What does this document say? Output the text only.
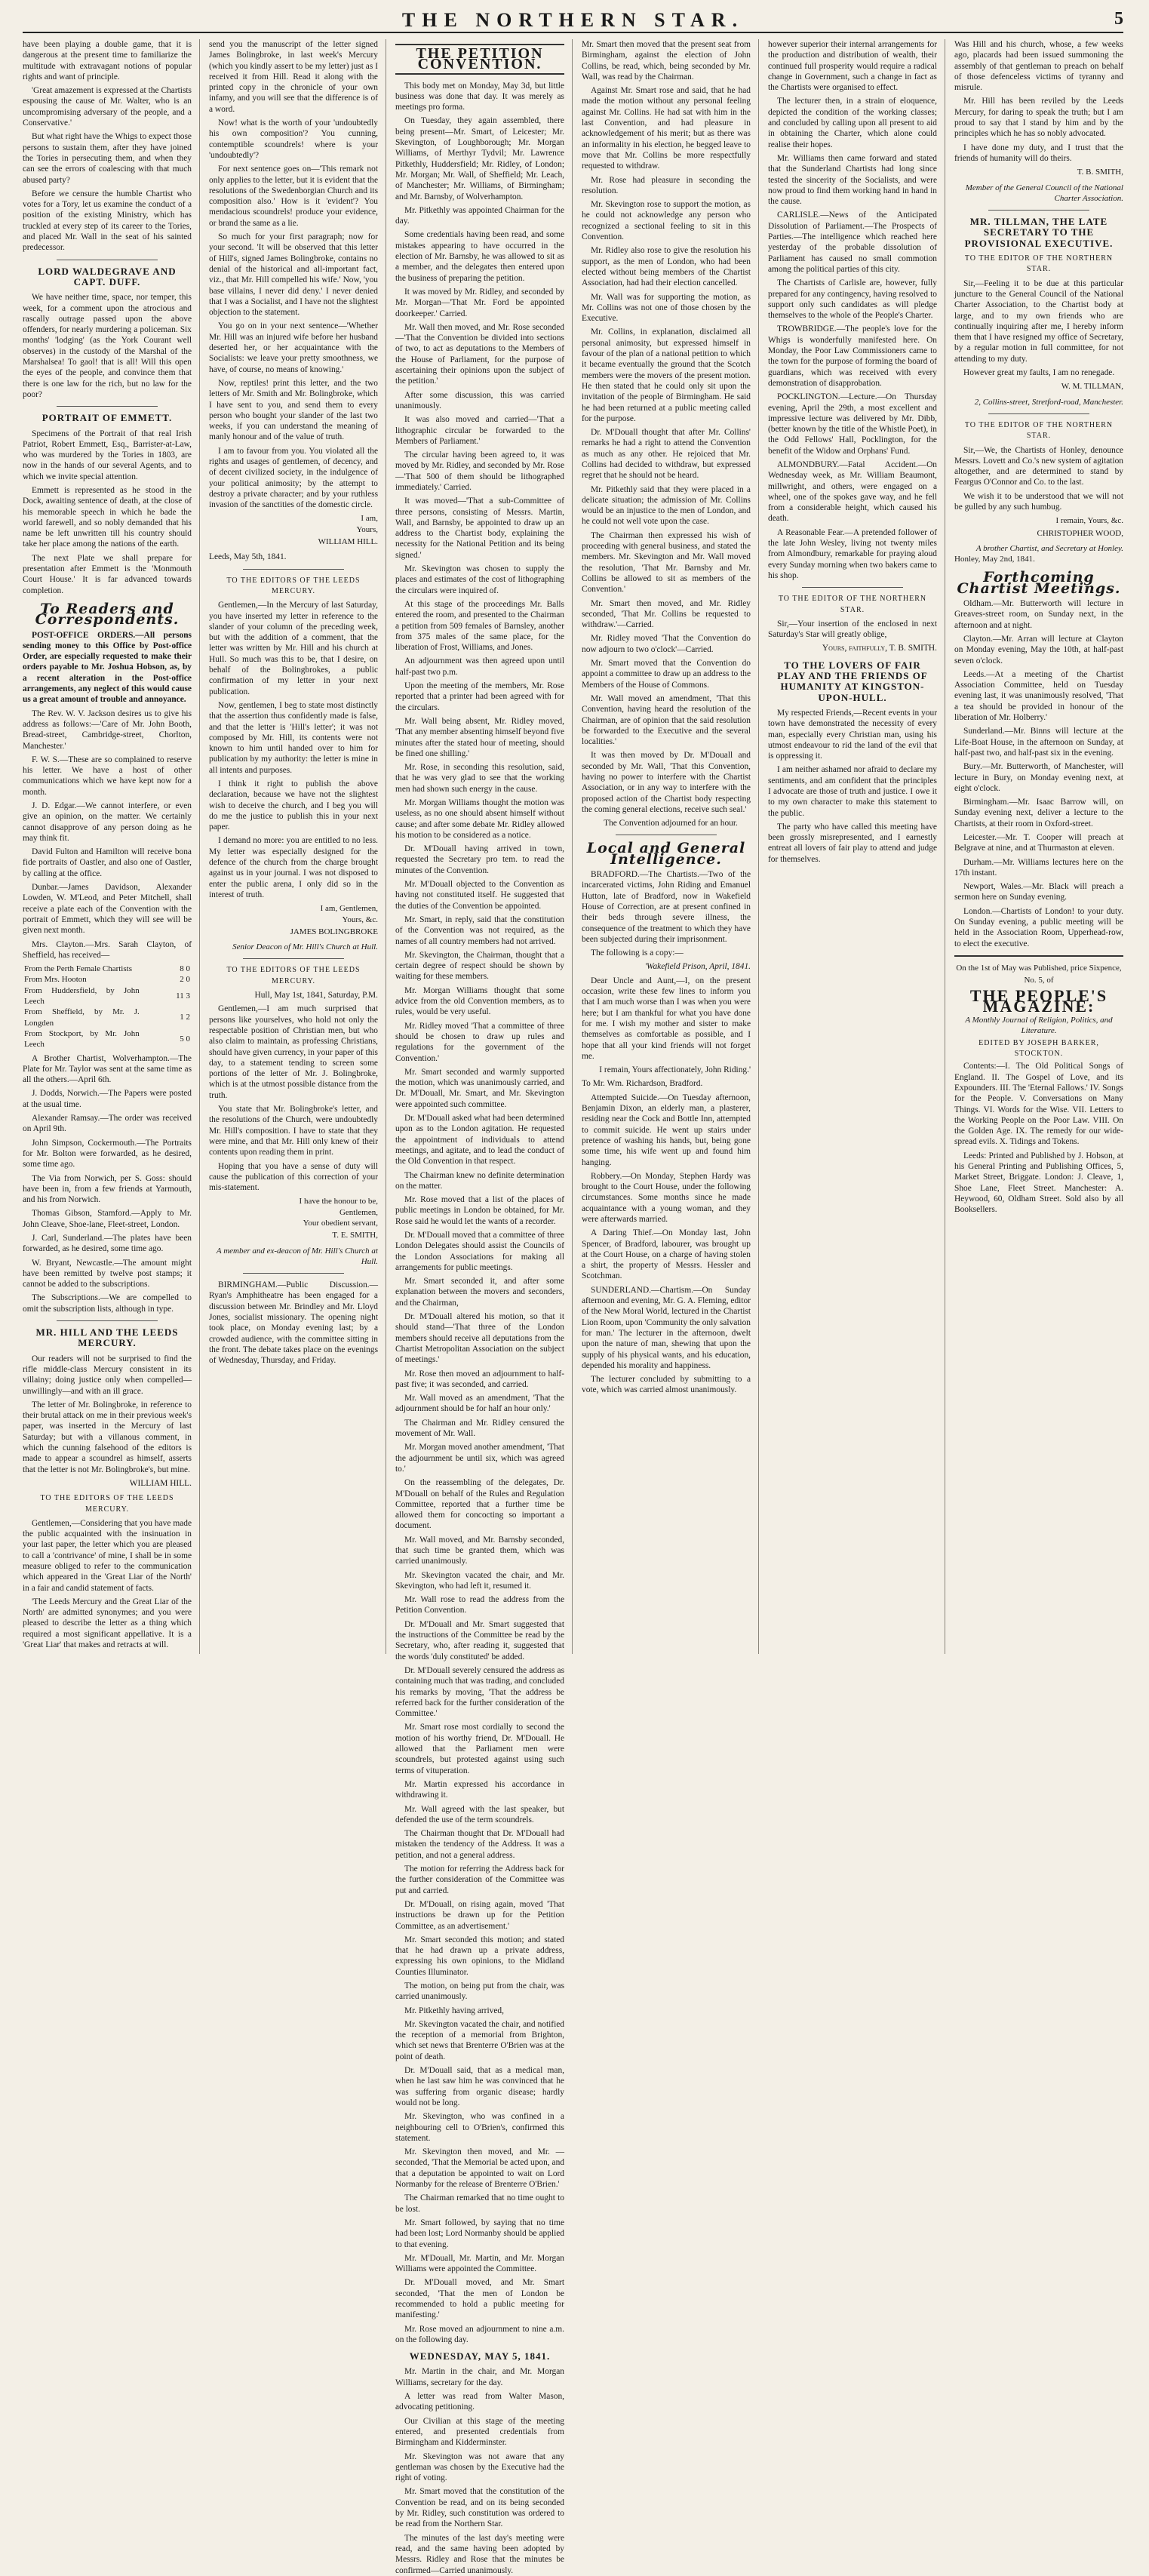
THE NORTHERN STAR.	5

have been playing a double game, that it is dangerous at the present time to familiarize the multitude with extravagant notions of popular rights and want of principle.

'Great amazement is expressed at the Chartists espousing the cause of Mr. Walter, who is an uncompromising adversary of the people, and a Conservative.'

But what right have the Whigs to expect those persons to sustain them, after they have joined the Tories in persecuting them, and when they can see the errors of coalescing with that much abused party?

Before we censure the humble Chartist who votes for a Tory, let us examine the conduct of a position of the existing Ministry, which has truckled at every step of its career to the Tories, and placed Mr. Wall in the seat of his sainted predecessor.

LORD WALDEGRAVE AND CAPT. DUFF.

We have neither time, space, nor temper, this week, for a comment upon the atrocious and rascally outrage passed upon the above offenders, for nearly murdering a policeman. Six months' 'lodging' (as the York Courant well observes) in the custody of the Marshal of the Marshalsea! To gaol! that is all! Will this open the eyes of the people, and convince them that there is one law for the rich, but no law for the poor?

PORTRAIT OF EMMETT.

Specimens of the Portrait of that real Irish Patriot, Robert Emmett, Esq., Barrister-at-Law, who was murdered by the Tories in 1803, are now in the hands of our several Agents, and to which we invite special attention.

Emmett is represented as he stood in the Dock, awaiting sentence of death, at the close of his memorable speech in which he bade the world farewell, and so nobly demanded that his name be left unwritten till his country should take her place among the nations of the earth.

The next Plate we shall prepare for presentation after Emmett is the 'Monmouth Court House.' It is far advanced towards completion.

To Readers and Correspondents.

POST-OFFICE ORDERS.—All persons sending money to this Office by Post-office Order, are especially requested to make their orders payable to Mr. Joshua Hobson, as, by a recent alteration in the Post-office arrangements, any neglect of this would cause us a great amount of trouble and annoyance.

The Rev. W. V. Jackson desires us to give his address as follows:—'Care of Mr. John Booth, Bread-street, Cambridge-street, Chorlton, Manchester.'

F. W. S.—These are so complained to reserve his letter. We have a host of other communications which we have kept now for a month.

J. D. Edgar.—We cannot interfere, or even give an opinion, on the matter. We certainly cannot disapprove of any person doing as he may think fit.

David Fulton and Hamilton will receive bona fide portraits of Oastler, and also one of Oastler, by calling at the office.

Dunbar.—James Davidson, Alexander Lowden, W. M'Leod, and Peter Mitchell, shall receive a plate each of the Convention with the portrait of Emmett, which they will see will be given next month.

Mrs. Clayton.—Mrs. Sarah Clayton, of Sheffield, has received—

From the Perth Female Chartists	8 0
From Mrs. Hooton	2 0
From Huddersfield, by John Leech	11 3
From Sheffield, by Mr. J. Longden	1 2
From Stockport, by Mr. John Leech	5 0

A Brother Chartist, Wolverhampton.—The Plate for Mr. Taylor was sent at the same time as all the others.—April 6th.

J. Dodds, Norwich.—The Papers were posted at the usual time.

Alexander Ramsay.—The order was received on April 9th.

John Simpson, Cockermouth.—The Portraits for Mr. Bolton were forwarded, as he desired, some time ago.

The Via from Norwich, per S. Goss: should have been in, from a few friends at Yarmouth, and his from Norwich.

Thomas Gibson, Stamford.—Apply to Mr. John Cleave, Shoe-lane, Fleet-street, London.

J. Carl, Sunderland.—The plates have been forwarded, as he desired, some time ago.

W. Bryant, Newcastle.—The amount might have been remitted by twelve post stamps; it cannot be added to the subscriptions.

The Subscriptions.—We are compelled to omit the subscription lists, although in type.

MR. HILL AND THE LEEDS MERCURY.

Our readers will not be surprised to find the rifle middle-class Mercury consistent in its villainy; doing justice only when compelled—unwillingly—and with an ill grace.

The letter of Mr. Bolingbroke, in reference to their brutal attack on me in their previous week's paper, was inserted in the Mercury of last Saturday; but with a villanous comment, in which the cunning falsehood of the editors is made to appear a scoundrel as himself, asserts that the letter is not Mr. Bolingbroke's, but mine.

WILLIAM HILL.
TO THE EDITORS OF THE LEEDS MERCURY.

Gentlemen,—Considering that you have made the public acquainted with the insinuation in your last paper, the letter which you are pleased to call a 'contrivance' of mine, I shall be in some measure obliged to refer to the communication which appeared in the 'Great Liar of the North' in a fair and candid statement of facts.

'The Leeds Mercury and the Great Liar of the North' are admitted synonymes; and you were pleased to describe the letter as a thing which required a most significant appellative. It is a 'Great Liar' that makes and retracts at will.

send you the manuscript of the letter signed James Bolingbroke, in last week's Mercury (which you kindly assert to be my letter) just as I received it from Hill. Read it along with the printed copy in the chronicle of your own infamy, and you will see that the difference is of a word.

Now! what is the worth of your 'undoubtedly his own composition'? You cunning, contemptible scoundrels! where is your 'undoubtedly'?

For next sentence goes on—'This remark not only applies to the letter, but it is evident that the resolutions of the Swedenborgian Church and its composition also.' How is it 'evident'? You mendacious scoundrels! produce your evidence, or brand the same as a lie.

So much for your first paragraph; now for your second. 'It will be observed that this letter of Hill's, signed James Bolingbroke, contains no denial of the historical and all-important fact, viz., that Mr. Hill compelled his wife.' Now, 'you base villains, I never did deny.' I never denied that I was a Socialist, and I have not the slightest objection to the statement.

You go on in your next sentence—'Whether Mr. Hill was an injured wife before her husband deserted her, or her acquaintance with the Socialists: we leave your pretty smoothness, we have, of course, no means of knowing.'

Now, reptiles! print this letter, and the two letters of Mr. Smith and Mr. Bolingbroke, which I have sent to you, and send them to every person who bought your slander of the last two weeks, if you can understand the meaning of manly honour and of the value of truth.

I am to favour from you. You violated all the rights and usages of gentlemen, of decency, and of decent civilized society, in the indulgence of your political animosity; by the attempt to destroy a private character; and by your ruthless invasion of the sanctities of the domestic circle.

I am,
Yours,
WILLIAM HILL.

Leeds, May 5th, 1841.

TO THE EDITORS OF THE LEEDS MERCURY.

Gentlemen,—In the Mercury of last Saturday, you have inserted my letter in reference to the slander of your column of the preceding week, but with the addition of a comment, that the letter was written by Mr. Hill and his church at Hull. So much was this to be, that I desire, on behalf of the Bolingbrokes, a public confirmation of my letter in your next publication.

Now, gentlemen, I beg to state most distinctly that the assertion thus confidently made is false, and that the letter is 'Hill's letter'; it was not composed by Mr. Hill, its contents were not known to him until handed over to him for publication by my authority: the letter is mine in all intents and purposes.

I think it right to publish the above declaration, because we have not the slightest wish to deceive the church, and I beg you will do me the justice to publish this in your next paper.

I demand no more: you are entitled to no less. My letter was especially designed for the defence of the church from the charge brought against us in your journal. I was not disposed to enter the public arena, I only did so in the interest of truth.

I am, Gentlemen,
Yours, &c.
JAMES BOLINGBROKE
Senior Deacon of Mr. Hill's Church at Hull.
TO THE EDITORS OF THE LEEDS MERCURY.

Hull, May 1st, 1841, Saturday, P.M.

Gentlemen,—I am much surprised that persons like yourselves, who hold not only the respectable position of Christian men, but who also claim to maintain, as professing Christians, should have given currency, in your paper of this day, to a statement tending to screen some portions of the letter of Mr. J. Bolingbroke, which is at the utmost possible distance from the truth.

You state that Mr. Bolingbroke's letter, and the resolutions of the Church, were undoubtedly Mr. Hill's composition. I have to state that they were mine, and that Mr. Hill only knew of their contents upon reading them in print.

Hoping that you have a sense of duty will cause the publication of this correction of your mis-statement.

I have the honour to be,
Gentlemen,
Your obedient servant,
T. E. SMITH,
A member and ex-deacon of Mr. Hill's Church at Hull.

BIRMINGHAM.—Public Discussion.—Ryan's Amphitheatre has been engaged for a discussion between Mr. Brindley and Mr. Lloyd Jones, socialist missionary. The opening night took place, on Monday evening last; by a crowded audience, with the committee sitting in the front. The debate takes place on the evenings of Wednesday, Thursday, and Friday.

THE PETITION CONVENTION.

This body met on Monday, May 3d, but little business was done that day. It was merely as meetings pro forma.

On Tuesday, they again assembled, there being present—Mr. Smart, of Leicester; Mr. Skevington, of Loughborough; Mr. Morgan Williams, of Merthyr Tydvil; Mr. Lawrence Pitkethly, Huddersfield; Mr. Ridley, of London; Mr. Morgan; Mr. Wall, of Sheffield; Mr. Leach, of Manchester; Mr. Williams, of Birmingham; and Mr. Barnsby, of Wolverhampton.

Mr. Pitkethly was appointed Chairman for the day.

Some credentials having been read, and some mistakes appearing to have occurred in the election of Mr. Barnsby, he was allowed to sit as a member, and the delegates then entered upon the business of preparing the petition.

It was moved by Mr. Ridley, and seconded by Mr. Morgan—'That Mr. Ford be appointed doorkeeper.' Carried.

Mr. Wall then moved, and Mr. Rose seconded—'That the Convention be divided into sections of two, to act as deputations to the Members of the House of Parliament, for the purpose of ascertaining their opinions upon the subject of the petition.'

After some discussion, this was carried unanimously.

It was also moved and carried—'That a lithographic circular be forwarded to the Members of Parliament.'

The circular having been agreed to, it was moved by Mr. Ridley, and seconded by Mr. Rose—'That 500 of them should be lithographed immediately.' Carried.

It was moved—'That a sub-Committee of three persons, consisting of Messrs. Martin, Wall, and Barnsby, be appointed to draw up an address to the Chartist body, explaining the necessity for the National Petition and its being signed.'

Mr. Skevington was chosen to supply the places and estimates of the cost of lithographing the circulars were inquired of.

At this stage of the proceedings Mr. Balls entered the room, and presented to the Chairman a petition from 509 females of Barnsley, another from 375 males of the same place, for the liberation of Frost, Williams, and Jones.

An adjournment was then agreed upon until half-past two p.m.

Upon the meeting of the members, Mr. Rose reported that a printer had been agreed with for the circulars.

Mr. Wall being absent, Mr. Ridley moved, 'That any member absenting himself beyond five minutes after the stated hour of meeting, should be fined one shilling.'

Mr. Rose, in seconding this resolution, said, that he was very glad to see that the working men had shown such energy in the cause.

Mr. Morgan Williams thought the motion was useless, as no one should absent himself without cause; and after some debate Mr. Ridley allowed his motion to be considered as a notice.

Dr. M'Douall having arrived in town, requested the Secretary pro tem. to read the minutes of the Convention.

Mr. M'Douall objected to the Convention as having not constituted itself. He suggested that the duties of the Convention be appointed.

Mr. Smart, in reply, said that the constitution of the Convention was not required, as the names of all country members had not arrived.

Mr. Skevington, the Chairman, thought that a certain degree of respect should be shown by waiting for these members.

Mr. Morgan Williams thought that some advice from the old Convention members, as to rules, would be very useful.

Mr. Ridley moved 'That a committee of three should be chosen to draw up rules and regulations for the government of the Convention.'

Mr. Smart seconded and warmly supported the motion, which was unanimously carried, and Dr. M'Douall, Mr. Smart, and Mr. Skevington were appointed such committee.

Dr. M'Douall asked what had been determined upon as to the London agitation. He requested the appointment of individuals to attend meetings, and agitate, and to lead the conduct of the Old Convention in that respect.

The Chairman knew no definite determination on the matter.

Mr. Rose moved that a list of the places of public meetings in London be obtained, for Mr. Rose said he would let the wants of a recorder.

Dr. M'Douall moved that a committee of three London Delegates should assist the Councils of the London Associations for making all arrangements for public meetings.

Mr. Smart seconded it, and after some explanation between the movers and seconders, and the Chairman,

Dr. M'Douall altered his motion, so that it should stand—'That three of the London members should receive all deputations from the Chartist Metropolitan Association on the subject of meetings.'

Mr. Rose then moved an adjournment to half-past five; it was seconded, and carried.

Mr. Wall moved as an amendment, 'That the adjournment should be for half an hour only.'

The Chairman and Mr. Ridley censured the movement of Mr. Wall.

Mr. Morgan moved another amendment, 'That the adjournment be until six, which was agreed to.'

On the reassembling of the delegates, Dr. M'Douall on behalf of the Rules and Regulation Committee, reported that a further time be allowed them for concocting so important a document.

Mr. Wall moved, and Mr. Barnsby seconded, that such time be granted them, which was carried unanimously.

Mr. Skevington vacated the chair, and Mr. Skevington, who had left it, resumed it.

Mr. Wall rose to read the address from the Petition Convention.

Dr. M'Douall and Mr. Smart suggested that the instructions of the Committee be read by the Secretary, who, after reading it, suggested that the words 'duly constituted' be added.

Dr. M'Douall severely censured the address as containing much that was trading, and concluded his remarks by moving, 'That the address be referred back for the further consideration of the Committee.'

Mr. Smart rose most cordially to second the motion of his worthy friend, Dr. M'Douall. He allowed that the Parliament men were scoundrels, but protested against using such terms of vituperation.

Mr. Martin expressed his accordance in withdrawing it.

Mr. Wall agreed with the last speaker, but defended the use of the term scoundrels.

The Chairman thought that Dr. M'Douall had mistaken the tendency of the Address. It was a petition, and not a general address.

The motion for referring the Address back for the further consideration of the Committee was put and carried.

Dr. M'Douall, on rising again, moved 'That instructions be drawn up for the Petition Committee, as an advertisement.'

Mr. Smart seconded this motion; and stated that he had drawn up a private address, expressing his own opinions, to the Midland Counties Illuminator.

The motion, on being put from the chair, was carried unanimously.

Mr. Pitkethly having arrived,

Mr. Skevington vacated the chair, and notified the reception of a memorial from Brighton, which set news that Brenterre O'Brien was at the point of death.

Dr. M'Douall said, that as a medical man, when he last saw him he was convinced that he was suffering from organic disease; hardly would not be long.

Mr. Skevington, who was confined in a neighbouring cell to O'Brien's, confirmed this statement.

Mr. Skevington then moved, and Mr. — seconded, 'That the Memorial be acted upon, and that a deputation be appointed to wait on Lord Normanby for the release of Brenterre O'Brien.'

The Chairman remarked that no time ought to be lost.

Mr. Smart followed, by saying that no time had been lost; Lord Normanby should be applied to that evening.

Mr. M'Douall, Mr. Martin, and Mr. Morgan Williams were appointed the Committee.

Dr. M'Douall moved, and Mr. Smart seconded, 'That the men of London be recommended to hold a public meeting for manifesting.'

Mr. Rose moved an adjournment to nine a.m. on the following day.

WEDNESDAY, MAY 5, 1841.

Mr. Martin in the chair, and Mr. Morgan Williams, secretary for the day.

A letter was read from Walter Mason, advocating petitioning.

Our Civilian at this stage of the meeting entered, and presented credentials from Birmingham and Kidderminster.

Mr. Skevington was not aware that any gentleman was chosen by the Executive had the right of voting.

Mr. Smart moved that the constitution of the Convention be read, and on its being seconded by Mr. Ridley, such constitution was ordered to be read from the Northern Star.

The minutes of the last day's meeting were read, and the same having been adopted by Messrs. Ridley and Rose that the minutes be confirmed—Carried unanimously.

Mr. Smart then moved that the present seat from Birmingham, against the election of John Collins, be read, which, being seconded by Mr. Wall, was read by the Chairman.

Against Mr. Smart rose and said, that he had made the motion without any personal feeling against Mr. Collins. He had sat with him in the last Convention, and had pleasure in acknowledgement of his merit; but as there was an informality in his election, he begged leave to move that Mr. Collins be more respectfully requested to withdraw.

Mr. Rose had pleasure in seconding the resolution.

Mr. Skevington rose to support the motion, as he could not acknowledge any person who recognized a sectional feeling to sit in this Convention.

Mr. Ridley also rose to give the resolution his support, as the men of London, who had been elected without being members of the Chartist Association, had had their election cancelled.

Mr. Wall was for supporting the motion, as Mr. Collins was not one of those chosen by the Executive.

Mr. Collins, in explanation, disclaimed all personal animosity, but expressed himself in favour of the plan of a national petition to which it became eventually the ground that the Scotch members were the movers of the present motion. He then stated that he could only sit upon the invitation of the people of Birmingham. He said he had been returned at a public meeting called for the purpose.

Dr. M'Douall thought that after Mr. Collins' remarks he had a right to attend the Convention as much as any other. He rejoiced that Mr. Collins had decided to withdraw, but expressed regret that he should not be heard.

Mr. Pitkethly said that they were placed in a delicate situation; the admission of Mr. Collins would be an injustice to the men of London, and he could not well vote upon the case.

The Chairman then expressed his wish of proceeding with general business, and stated the members. Mr. Skevington and Mr. Wall moved the resolution, 'That Mr. Barnsby and Mr. Collins be allowed to sit as members of the Convention.'

Mr. Smart then moved, and Mr. Ridley seconded, 'That Mr. Collins be requested to withdraw.'—Carried.

Mr. Ridley moved 'That the Convention do now adjourn to two o'clock'—Carried.

Mr. Smart moved that the Convention do appoint a committee to draw up an address to the Members of the House of Commons.

Mr. Wall moved an amendment, 'That this Convention, having heard the resolution of the Chairman, are of opinion that the said resolution be forwarded to the Executive and the several localities.'

It was then moved by Dr. M'Douall and seconded by Mr. Wall, 'That this Convention, having no power to interfere with the Chartist Association, or in any way to interfere with the proposed action of the Chartist body respecting the coming general elections, receive such seal.'

The Convention adjourned for an hour.

Local and General Intelligence.

BRADFORD.—The Chartists.—Two of the incarcerated victims, John Riding and Emanuel Hutton, late of Bradford, now in Wakefield House of Correction, are at present confined in their beds through severe illness, the consequence of the treatment to which they have been subjected during their imprisonment.

The following is a copy:—

'Wakefield Prison, April, 1841.

Dear Uncle and Aunt,—I, on the present occasion, write these few lines to inform you that I am much worse than I was when you were here; but I am thankful for what you have done for me. I wish my mother and sister to make themselves as comfortable as possible, and I hope that all your kind friends will not forget me.

I remain, Yours affectionately, John Riding.'

To Mr. Wm. Richardson, Bradford.

Attempted Suicide.—On Tuesday afternoon, Benjamin Dixon, an elderly man, a plasterer, residing near the Cock and Bottle Inn, attempted to commit suicide. He went up stairs under pretence of washing his hands, but, being gone some time, his wife went up and found him hanging.

Robbery.—On Monday, Stephen Hardy was brought to the Court House, under the following circumstances. Some months since he made acquaintance with a young woman, and they were afterwards married.

A Daring Thief.—On Monday last, John Spencer, of Bradford, labourer, was brought up at the Court House, on a charge of having stolen a shirt, the property of Messrs. Hessler and Scotchman.

SUNDERLAND.—Chartism.—On Sunday afternoon and evening, Mr. G. A. Fleming, editor of the New Moral World, lectured in the Chartist Lion Room, upon 'Community the only salvation for man.' The lecturer in the afternoon, dwelt upon the nature of man, shewing that upon the supply of his physical wants, and his education, depended his morality and happiness.

The lecturer concluded by submitting to a vote, which was carried almost unanimously.

however superior their internal arrangements for the production and distribution of wealth, their continued full prosperity would require a radical change in Government, such a change in fact as the Chartists were organised to effect.

The lecturer then, in a strain of eloquence, depicted the condition of the working classes; and concluded by calling upon all present to aid in obtaining the Charter, which alone could realise their hopes.

Mr. Williams then came forward and stated that the Sunderland Chartists had long since tested the sincerity of the Socialists, and were now proud to find them working hand in hand in the cause.

CARLISLE.—News of the Anticipated Dissolution of Parliament.—The Prospects of Parties.—The intelligence which reached here yesterday of the probable dissolution of Parliament has caused no small commotion among the political parties of this city.

The Chartists of Carlisle are, however, fully prepared for any contingency, having resolved to support only such candidates as will pledge themselves to the whole of the People's Charter.

TROWBRIDGE.—The people's love for the Whigs is wonderfully manifested here. On Monday, the Poor Law Commissioners came to the town for the purpose of forming the board of guardians, which was received with every demonstration of disapprobation.

POCKLINGTON.—Lecture.—On Thursday evening, April the 29th, a most excellent and impressive lecture was delivered by Mr. Dibb, (better known by the title of the Whistle Poet), in the Odd Fellows' Hall, Pocklington, for the benefit of the Widow and Orphans' Fund.

ALMONDBURY.—Fatal Accident.—On Wednesday week, as Mr. William Beaumont, millwright, and others, were engaged on a wheel, one of the spokes gave way, and he fell from a considerable height, which caused his death.

A Reasonable Fear.—A pretended follower of the late John Wesley, living not twenty miles from Almondbury, remarkable for praying aloud every Sunday morning when two bakers came to his shop.

TO THE EDITOR OF THE NORTHERN STAR.

Sir,—Your insertion of the enclosed in next Saturday's Star will greatly oblige,

Yours, faithfully, T. B. SMITH.
TO THE LOVERS OF FAIR PLAY AND THE FRIENDS OF HUMANITY AT KINGSTON-UPON-HULL.

My respected Friends,—Recent events in your town have demonstrated the necessity of every man, especially every Christian man, using his utmost endeavour to rid the land of the evil that is oppressing it.

I am neither ashamed nor afraid to declare my sentiments, and am confident that the principles I advocate are those of truth and justice. I owe it to my own character to make this statement to the public.

The party who have called this meeting have been grossly misrepresented, and I earnestly entreat all lovers of fair play to attend and judge for themselves.

Was Hill and his church, whose, a few weeks ago, placards had been issued summoning the assembly of that gentleman to preach on behalf of those defenceless victims of tyranny and misrule.

Mr. Hill has been reviled by the Leeds Mercury, for daring to speak the truth; but I am proud to say that I stand by him and by the principles which he has so nobly advocated.

I have done my duty, and I trust that the friends of humanity will do theirs.

T. B. SMITH,
Member of the General Council of the National Charter Association.
MR. TILLMAN, THE LATE SECRETARY TO THE PROVISIONAL EXECUTIVE.
TO THE EDITOR OF THE NORTHERN STAR.

Sir,—Feeling it to be due at this particular juncture to the General Council of the National Charter Association, to the Chartist body at large, and to my own friends who are continually inquiring after me, I hereby inform them that I have resigned my office of Secretary, by a regular motion in full committee, for not attending to my duty.

However great my faults, I am no renegade.

W. M. TILLMAN,
2, Collins-street, Stretford-road, Manchester.
TO THE EDITOR OF THE NORTHERN STAR.

Sir,—We, the Chartists of Honley, denounce Messrs. Lovett and Co.'s new system of agitation altogether, and are determined to stand by Feargus O'Connor and Co. to the last.

We wish it to be understood that we will not be gulled by any such humbug.

I remain, Yours, &c.
CHRISTOPHER WOOD,
A brother Chartist, and Secretary at Honley.
Honley, May 2nd, 1841.
Forthcoming Chartist Meetings.

Oldham.—Mr. Butterworth will lecture in Greaves-street room, on Sunday next, in the afternoon and at night.

Clayton.—Mr. Arran will lecture at Clayton on Monday evening, May the 10th, at half-past seven o'clock.

Leeds.—At a meeting of the Chartist Association Committee, held on Tuesday evening last, it was unanimously resolved, 'That a tea should be provided in honour of the liberation of Mr. Holberry.'

Sunderland.—Mr. Binns will lecture at the Life-Boat House, in the afternoon on Sunday, at half-past two, and half-past six in the evening.

Bury.—Mr. Butterworth, of Manchester, will lecture in Bury, on Monday evening next, at eight o'clock.

Birmingham.—Mr. Isaac Barrow will, on Sunday evening next, deliver a lecture to the Chartists, at their room in Oxford-street.

Leicester.—Mr. T. Cooper will preach at Belgrave at nine, and at Thurmaston at eleven.

Durham.—Mr. Williams lectures here on the 17th instant.

Newport, Wales.—Mr. Black will preach a sermon here on Sunday evening.

London.—Chartists of London! to your duty. On Sunday evening, a public meeting will be held in the Association Room, Upperhead-row, to elect the executive.

On the 1st of May was Published, price Sixpence,
No. 5, of
THE PEOPLE'S MAGAZINE:
A Monthly Journal of Religion, Politics, and Literature.
EDITED BY JOSEPH BARKER, STOCKTON.

Contents:—I. The Old Political Songs of England. II. The Gospel of Love, and its Expounders. III. The 'Eternal Fallows.' IV. Songs for the People. V. Conversations on Many Things. VI. Words for the Wise. VII. Letters to the Working People on the Poor Law. VIII. On the Golden Age. IX. The remedy for our wide-spread evils. X. Tidings and Tokens.

Leeds: Printed and Published by J. Hobson, at his General Printing and Publishing Offices, 5, Market Street, Briggate. London: J. Cleave, 1, Shoe Lane, Fleet Street. Manchester: A. Heywood, 60, Oldham Street. Sold also by all Booksellers.
